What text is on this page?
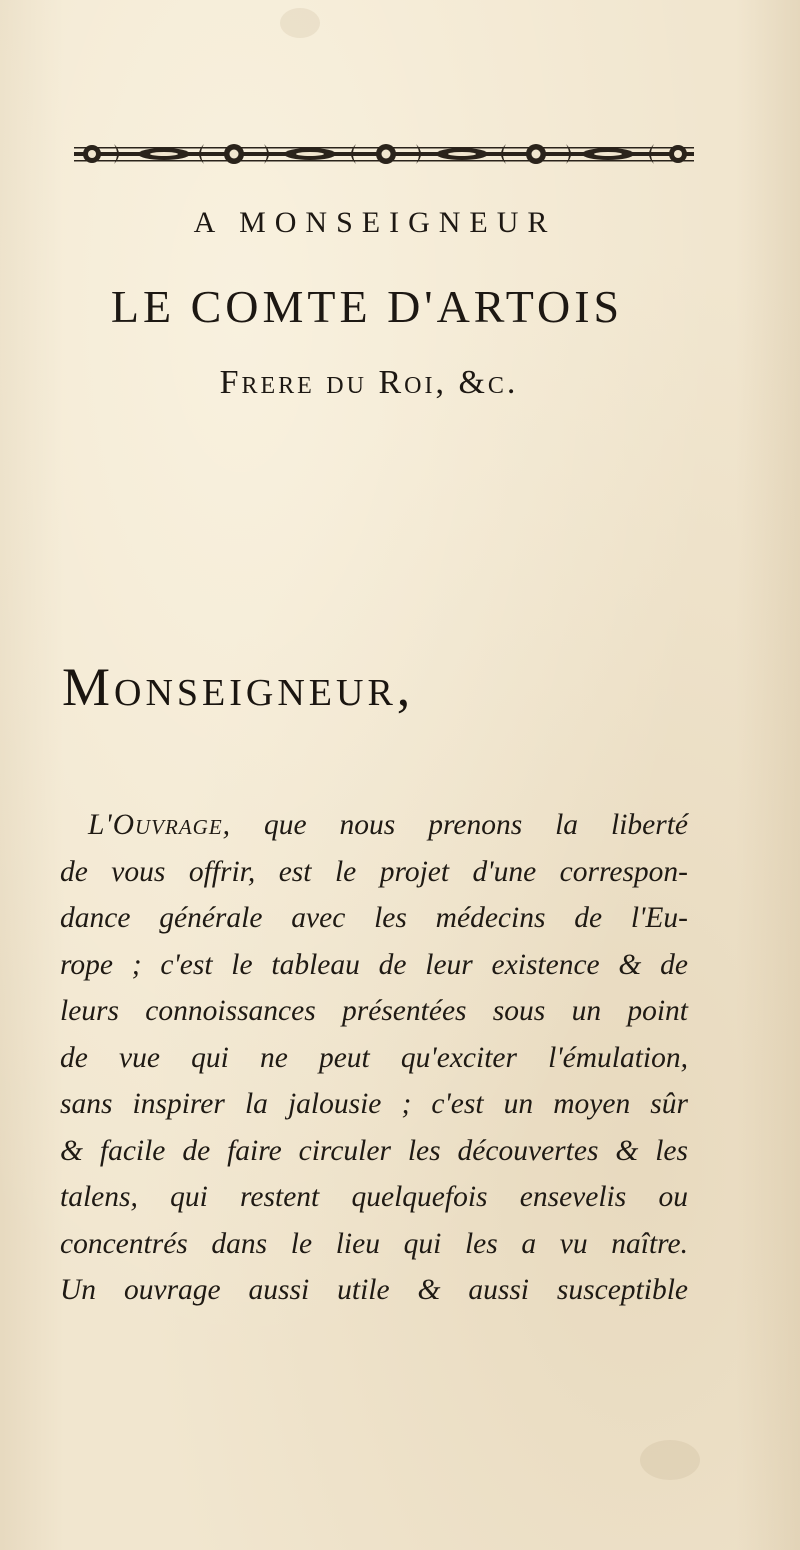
A MONSEIGNEUR
LE COMTE D'ARTOIS
Frere du Roi, &c.
Monseigneur,
L'Ouvrage, que nous prenons la liberté
de vous offrir, est le projet d'une correspon-
dance générale avec les médecins de l'Eu-
rope ; c'est le tableau de leur existence & de
leurs connoissances présentées sous un point
de vue qui ne peut qu'exciter l'émulation,
sans inspirer la jalousie ; c'est un moyen sûr
& facile de faire circuler les découvertes & les
talens, qui restent quelquefois ensevelis ou
concentrés dans le lieu qui les a vu naître.
Un ouvrage aussi utile & aussi susceptible
